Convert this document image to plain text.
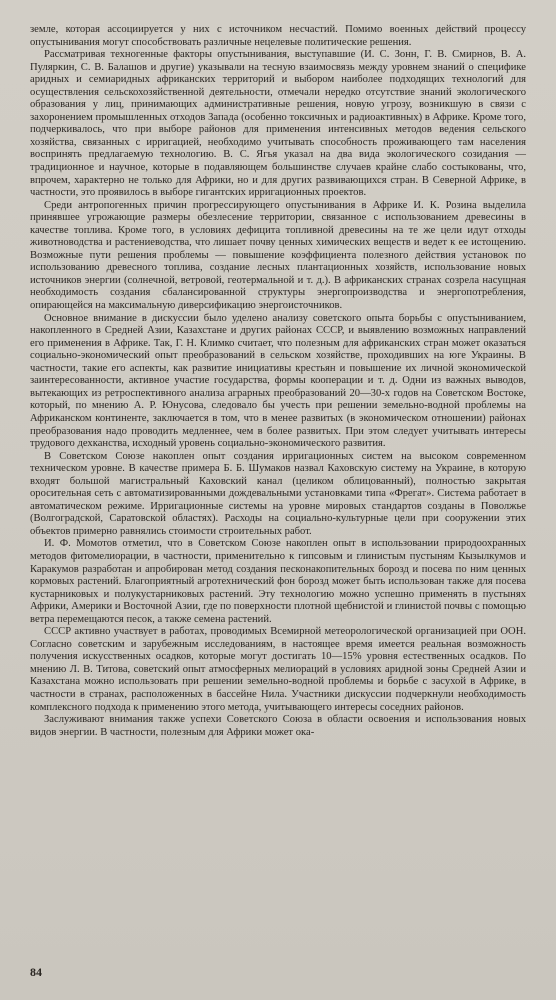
земле, которая ассоциируется у них с источником несчастий. Помимо военных действий процессу опустынивания могут способствовать различные нецелевые политические решения.

Рассматривая техногенные факторы опустынивания, выступавшие (И. С. Зонн, Г. В. Смирнов, В. А. Пуляркин, С. В. Балашов и другие) указывали на тесную взаимосвязь между уровнем знаний о специфике аридных и семиаридных африканских территорий и выбором наиболее подходящих технологий для осуществления сельскохозяйственной деятельности, отмечали нередко отсутствие знаний экологического образования у лиц, принимающих административные решения, новую угрозу, возникшую в связи с захоронением промышленных отходов Запада (особенно токсичных и радиоактивных) в Африке. Кроме того, подчеркивалось, что при выборе районов для применения интенсивных методов ведения сельского хозяйства, связанных с ирригацией, необходимо учитывать способность проживающего там населения воспринять предлагаемую технологию. В. С. Ягья указал на два вида экологического созидания — традиционное и научное, которые в подавляющем большинстве случаев крайне слабо состыкованы, что, впрочем, характерно не только для Африки, но и для других развивающихся стран. В Северной Африке, в частности, это проявилось в выборе гигантских ирригационных проектов.

Среди антропогенных причин прогрессирующего опустынивания в Африке И. К. Розина выделила принявшее угрожающие размеры обезлесение территории, связанное с использованием древесины в качестве топлива. Кроме того, в условиях дефицита топливной древесины на те же цели идут отходы животноводства и растениеводства, что лишает почву ценных химических веществ и ведет к ее истощению. Возможные пути решения проблемы — повышение коэффициента полезного действия установок по использованию древесного топлива, создание лесных плантационных хозяйств, использование новых источников энергии (солнечной, ветровой, геотермальной и т. д.). В африканских странах созрела насущная необходимость создания сбалансированной структуры энергопроизводства и энергопотребления, опирающейся на максимальную диверсификацию энергоисточников.

Основное внимание в дискуссии было уделено анализу советского опыта борьбы с опустыниванием, накопленного в Средней Азии, Казахстане и других районах СССР, и выявлению возможных направлений его применения в Африке. Так, Г. Н. Климко считает, что полезным для африканских стран может оказаться социально-экономический опыт преобразований в сельском хозяйстве, проходивших на юге Украины. В частности, такие его аспекты, как развитие инициативы крестьян и повышение их личной экономической заинтересованности, активное участие государства, формы кооперации и т. д. Одни из важных выводов, вытекающих из ретроспективного анализа аграрных преобразований 20—30-х годов на Советском Востоке, который, по мнению А. Р. Юнусова, следовало бы учесть при решении земельно-водной проблемы на Африканском континенте, заключается в том, что в менее развитых (в экономическом отношении) районах преобразования надо проводить медленнее, чем в более развитых. При этом следует учитывать интересы трудового дехканства, исходный уровень социально-экономического развития.

В Советском Союзе накоплен опыт создания ирригационных систем на высоком современном техническом уровне. В качестве примера Б. Б. Шумаков назвал Каховскую систему на Украине, в которую входят большой магистральный Каховский канал (целиком облицованный), полностью закрытая оросительная сеть с автоматизированными дождевальными установками типа «Фрегат». Система работает в автоматическом режиме. Ирригационные системы на уровне мировых стандартов созданы в Поволжье (Волгоградской, Саратовской областях). Расходы на социально-культурные цели при сооружении этих объектов примерно равнялись стоимости строительных работ.

И. Ф. Момотов отметил, что в Советском Союзе накоплен опыт в использовании природоохранных методов фитомелиорации, в частности, применительно к гипсовым и глинистым пустыням Кызылкумов и Каракумов разработан и апробирован метод создания песконакопительных борозд и посева по ним ценных кормовых растений. Благоприятный агротехнический фон борозд может быть использован также для посева кустарниковых и полукустарниковых растений. Эту технологию можно успешно применять в пустынях Африки, Америки и Восточной Азии, где по поверхности плотной щебнистой и глинистой почвы с помощью ветра перемещаются песок, а также семена растений.

СССР активно участвует в работах, проводимых Всемирной метеорологической организацией при ООН. Согласно советским и зарубежным исследованиям, в настоящее время имеется реальная возможность получения искусственных осадков, которые могут достигать 10—15% уровня естественных осадков. По мнению Л. В. Титова, советский опыт атмосферных мелиораций в условиях аридной зоны Средней Азии и Казахстана можно использовать при решении земельно-водной проблемы и борьбе с засухой в Африке, в частности в странах, расположенных в бассейне Нила. Участники дискуссии подчеркнули необходимость комплексного подхода к применению этого метода, учитывающего интересы соседних районов.

Заслуживают внимания также успехи Советского Союза в области освоения и использования новых видов энергии. В частности, полезным для Африки может ока-

84
